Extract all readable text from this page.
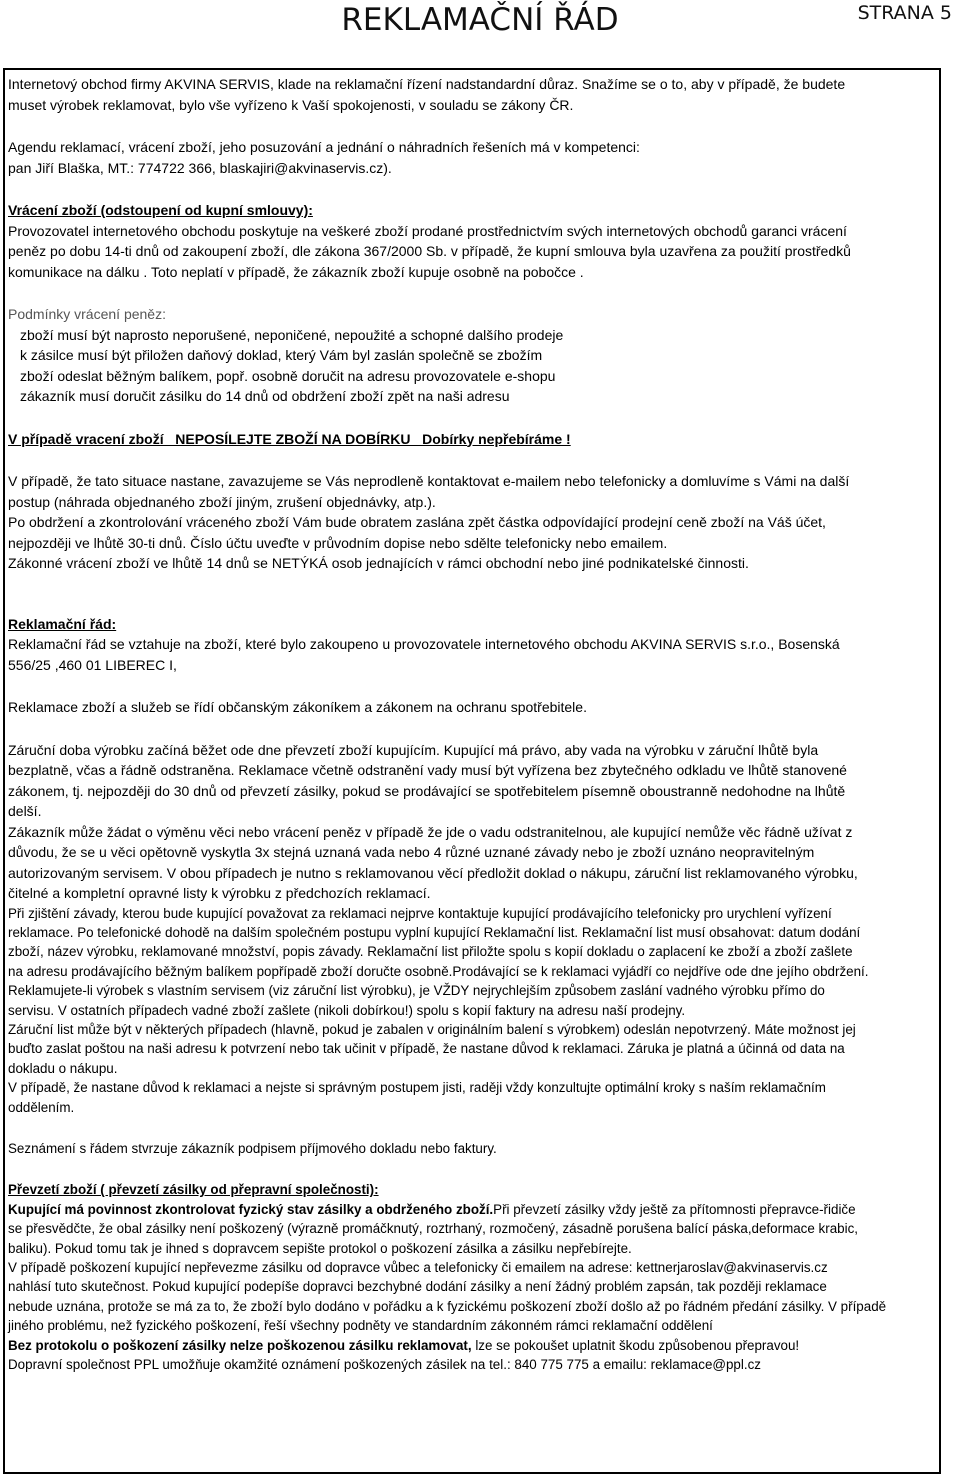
REKLAMAČNÍ ŘÁD	STRANA 5

Internetový obchod firmy AKVINA SERVIS, klade na reklamační řízení nadstandardní důraz. Snažíme se o to, aby v případě, že budete

muset výrobek reklamovat, bylo vše vyřízeno k Vaší spokojenosti, v souladu se zákony ČR.

Agendu reklamací, vrácení zboží, jeho posuzování a jednání o náhradních řešeních má v kompetenci:

pan Jiří Blaška, MT.: 774722 366, blaskajiri@akvinaservis.cz).

Vrácení zboží (odstoupení od kupní smlouvy):

Provozovatel internetového obchodu poskytuje na veškeré zboží prodané prostřednictvím svých internetových obchodů garanci vrácení

peněz po dobu 14-ti dnů od zakoupení zboží, dle zákona 367/2000 Sb. v případě, že kupní smlouva byla uzavřena za použití prostředků

komunikace na dálku . Toto neplatí v případě, že zákazník zboží kupuje osobně na pobočce .

Podmínky vrácení peněz:

zboží musí být naprosto neporušené, neponičené, nepoužité a schopné dalšího prodeje

k zásilce musí být přiložen daňový doklad, který Vám byl zaslán společně se zbožím

zboží odeslat běžným balíkem, popř. osobně doručit na adresu provozovatele e-shopu

zákazník musí doručit zásilku do 14 dnů od obdržení zboží zpět na naši adresu

V případě vracení zboží   NEPOSÍLEJTE ZBOŽÍ NA DOBÍRKU   Dobírky nepřebíráme !

V případě, že tato situace nastane, zavazujeme se Vás neprodleně kontaktovat e-mailem nebo telefonicky a domluvíme s Vámi na další

postup (náhrada objednaného zboží jiným, zrušení objednávky, atp.).

Po obdržení a zkontrolování vráceného zboží Vám bude obratem zaslána zpět částka odpovídající prodejní ceně zboží na Váš účet,

nejpozději ve lhůtě 30-ti dnů. Číslo účtu uveďte v průvodním dopise nebo sdělte telefonicky nebo emailem.

Zákonné vrácení zboží ve lhůtě 14 dnů se NETÝKÁ osob jednajících v rámci obchodní nebo jiné podnikatelské činnosti.

Reklamační řád:

Reklamační řád se vztahuje na zboží, které bylo zakoupeno u provozovatele internetového obchodu AKVINA SERVIS s.r.o., Bosenská

556/25 ,460 01 LIBEREC I,

Reklamace zboží a služeb se řídí občanským zákoníkem a zákonem na ochranu spotřebitele.

Záruční doba výrobku začíná běžet ode dne převzetí zboží kupujícím. Kupující má právo, aby vada na výrobku v záruční lhůtě byla

bezplatně, včas a řádně odstraněna. Reklamace včetně odstranění vady musí být vyřízena bez zbytečného odkladu ve lhůtě stanovené

zákonem, tj. nejpozději do 30 dnů od převzetí zásilky, pokud se prodávající se spotřebitelem písemně oboustranně nedohodne na lhůtě

delší.

Zákazník může žádat o výměnu věci nebo vrácení peněz v případě že jde o vadu odstranitelnou, ale kupující nemůže věc řádně užívat z

důvodu, že se u věci opětovně vyskytla 3x stejná uznaná vada nebo 4 různé uznané závady nebo je zboží uznáno neopravitelným

autorizovaným servisem. V obou případech je nutno s reklamovanou věcí předložit doklad o nákupu, záruční list reklamovaného výrobku,

čitelné a kompletní opravné listy k výrobku z předchozích reklamací.

Při zjištění závady, kterou bude kupující považovat za reklamaci nejprve kontaktuje kupující prodávajícího telefonicky pro urychlení vyřízení

reklamace. Po telefonické dohodě na dalším společném postupu vyplní kupující Reklamační list. Reklamační list musí obsahovat: datum dodání

zboží, název výrobku, reklamované množství, popis závady. Reklamační list přiložte spolu s kopií dokladu o zaplacení ke zboží a zboží zašlete

na adresu prodávajícího běžným balíkem popřípadě zboží doručte osobně.Prodávající se k reklamaci vyjádří co nejdříve ode dne jejího obdržení.

Reklamujete-li výrobek s vlastním servisem (viz záruční list výrobku), je VŽDY nejrychlejším způsobem zaslání vadného výrobku přímo do

servisu. V ostatních případech vadné zboží zašlete (nikoli dobírkou!) spolu s kopií faktury na adresu naší prodejny.

Záruční list může být v některých případech (hlavně, pokud je zabalen v originálním balení s výrobkem) odeslán nepotvrzený. Máte možnost jej

buďto zaslat poštou na naši adresu k potvrzení nebo tak učinit v případě, že nastane důvod k reklamaci. Záruka je platná a účinná od data na

dokladu o nákupu.

V případě, že nastane důvod k reklamaci a nejste si správným postupem jisti, raději vždy konzultujte optimální kroky s naším reklamačním

oddělením.

Seznámení s řádem stvrzuje zákazník podpisem příjmového dokladu nebo faktury.

Převzetí zboží ( převzetí zásilky od přepravní společnosti):

Kupující má povinnost zkontrolovat fyzický stav zásilky a obdrženého zboží.Při převzetí zásilky vždy ještě za přítomnosti přepravce-řidiče

se přesvědčte, že obal zásilky není poškozený (výrazně promáčknutý, roztrhaný, rozmočený, zásadně porušena balící páska,deformace krabic,

baliku). Pokud tomu tak je ihned s dopravcem sepište protokol o poškození zásilka a zásilku nepřebírejte.

V případě poškození kupující nepřevezme zásilku od dopravce vůbec a telefonicky či emailem na adrese: kettnerjaroslav@akvinaservis.cz

nahlásí tuto skutečnost. Pokud kupující podepíše dopravci bezchybné dodání zásilky a není žádný problém zapsán, tak později reklamace

nebude uznána, protože se má za to, že zboží bylo dodáno v pořádku a k fyzickému poškození zboží došlo až po řádném předání zásilky. V případě

jiného problému, než fyzického poškození, řeší všechny podněty ve standardním zákonném rámci reklamační oddělení

Bez protokolu o poškození zásilky nelze poškozenou zásilku reklamovat, lze se pokoušet uplatnit škodu způsobenou přepravou!

Dopravní společnost PPL umožňuje okamžité oznámení poškozených zásilek na tel.: 840 775 775 a emailu: reklamace@ppl.cz
